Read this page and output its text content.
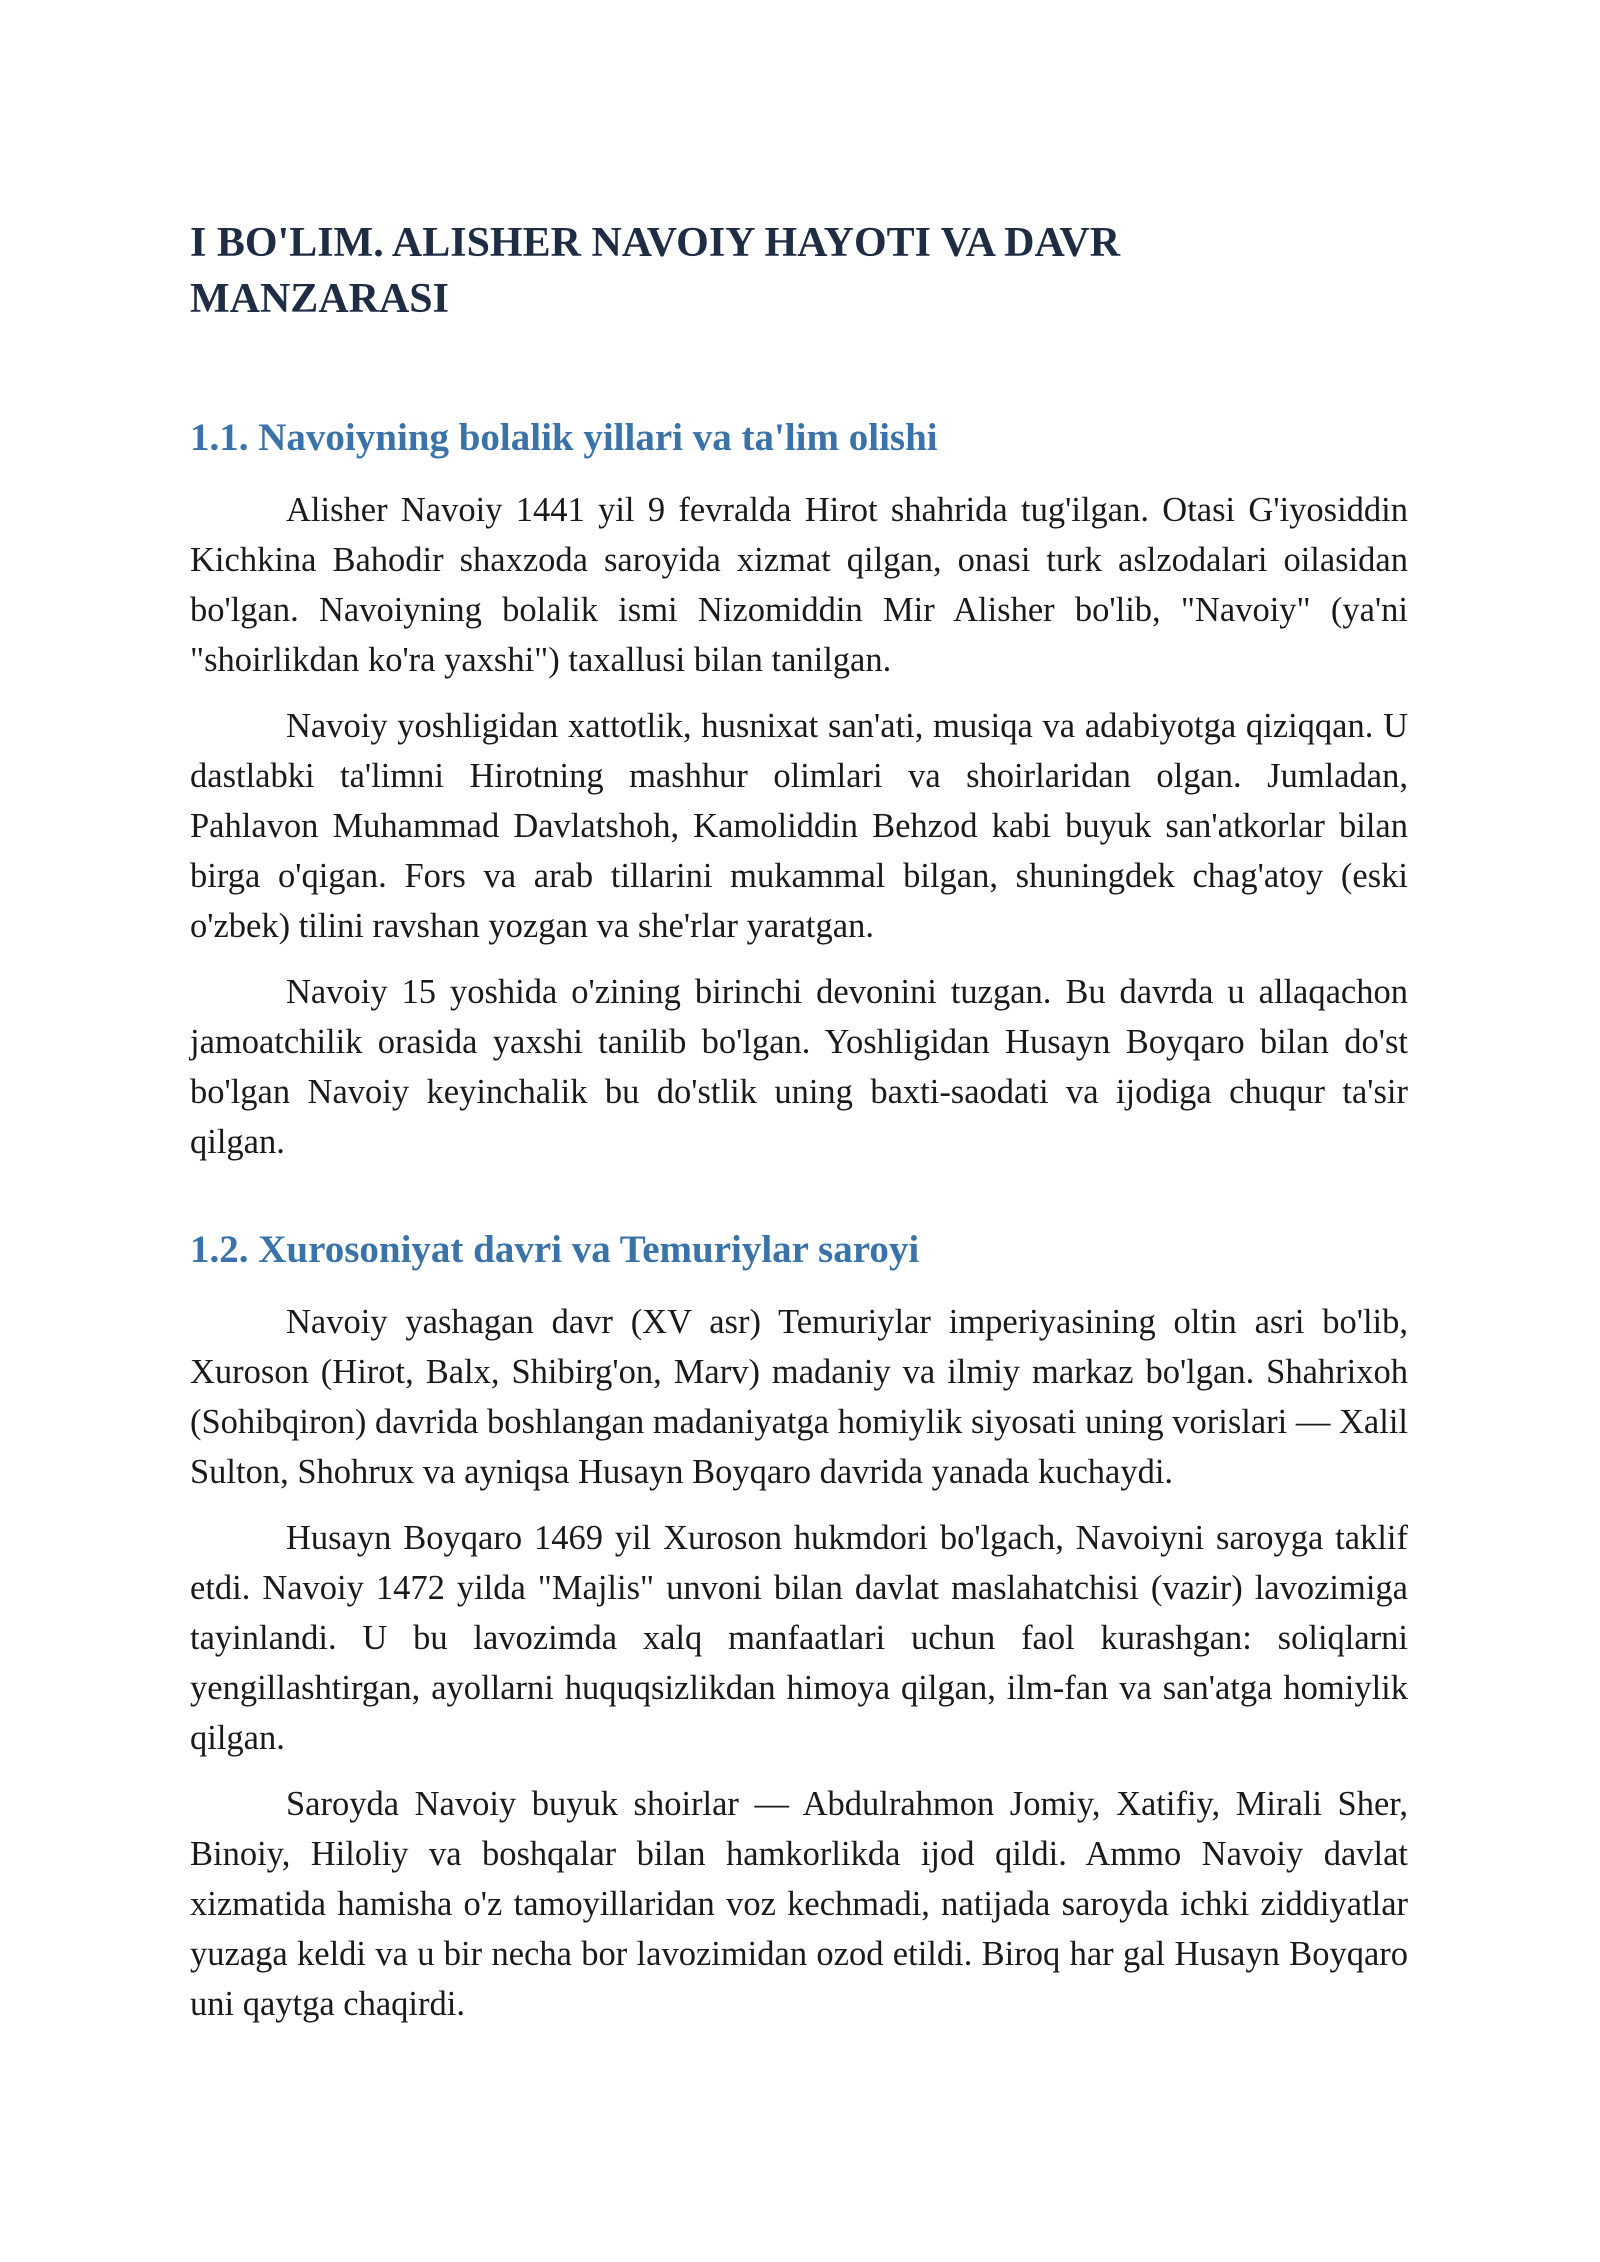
I BO'LIM. ALISHER NAVOIY HAYOTI VA DAVR MANZARASI
1.1. Navoiyning bolalik yillari va ta'lim olishi

Alisher Navoiy 1441 yil 9 fevralda Hirot shahrida tug'ilgan. Otasi G'iyosiddin Kichkina Bahodir shaxzoda saroyida xizmat qilgan, onasi turk aslzodalari oilasidan bo'lgan. Navoiyning bolalik ismi Nizomiddin Mir Alisher bo'lib, "Navoiy" (ya'ni "shoirlikdan ko'ra yaxshi") taxallusi bilan tanilgan.

Navoiy yoshligidan xattotlik, husnixat san'ati, musiqa va adabiyotga qiziqqan. U dastlabki ta'limni Hirotning mashhur olimlari va shoirlaridan olgan. Jumladan, Pahlavon Muhammad Davlatshoh, Kamoliddin Behzod kabi buyuk san'atkorlar bilan birga o'qigan. Fors va arab tillarini mukammal bilgan, shuningdek chag'atoy (eski o'zbek) tilini ravshan yozgan va she'rlar yaratgan.

Navoiy 15 yoshida o'zining birinchi devonini tuzgan. Bu davrda u allaqachon jamoatchilik orasida yaxshi tanilib bo'lgan. Yoshligidan Husayn Boyqaro bilan do'st bo'lgan Navoiy keyinchalik bu do'stlik uning baxti-saodati va ijodiga chuqur ta'sir qilgan.

1.2. Xurosoniyat davri va Temuriylar saroyi

Navoiy yashagan davr (XV asr) Temuriylar imperiyasining oltin asri bo'lib, Xuroson (Hirot, Balx, Shibirg'on, Marv) madaniy va ilmiy markaz bo'lgan. Shahrixoh (Sohibqiron) davrida boshlangan madaniyatga homiylik siyosati uning vorislari — Xalil Sulton, Shohrux va ayniqsa Husayn Boyqaro davrida yanada kuchaydi.

Husayn Boyqaro 1469 yil Xuroson hukmdori bo'lgach, Navoiyni saroyga taklif etdi. Navoiy 1472 yilda "Majlis" unvoni bilan davlat maslahatchisi (vazir) lavozimiga tayinlandi. U bu lavozimda xalq manfaatlari uchun faol kurashgan: soliqlarni yengillashtirgan, ayollarni huquqsizlikdan himoya qilgan, ilm-fan va san'atga homiylik qilgan.

Saroyda Navoiy buyuk shoirlar — Abdulrahmon Jomiy, Xatifiy, Mirali Sher, Binoiy, Hiloliy va boshqalar bilan hamkorlikda ijod qildi. Ammo Navoiy davlat xizmatida hamisha o'z tamoyillaridan voz kechmadi, natijada saroyda ichki ziddiyatlar yuzaga keldi va u bir necha bor lavozimidan ozod etildi. Biroq har gal Husayn Boyqaro uni qaytga chaqirdi.
